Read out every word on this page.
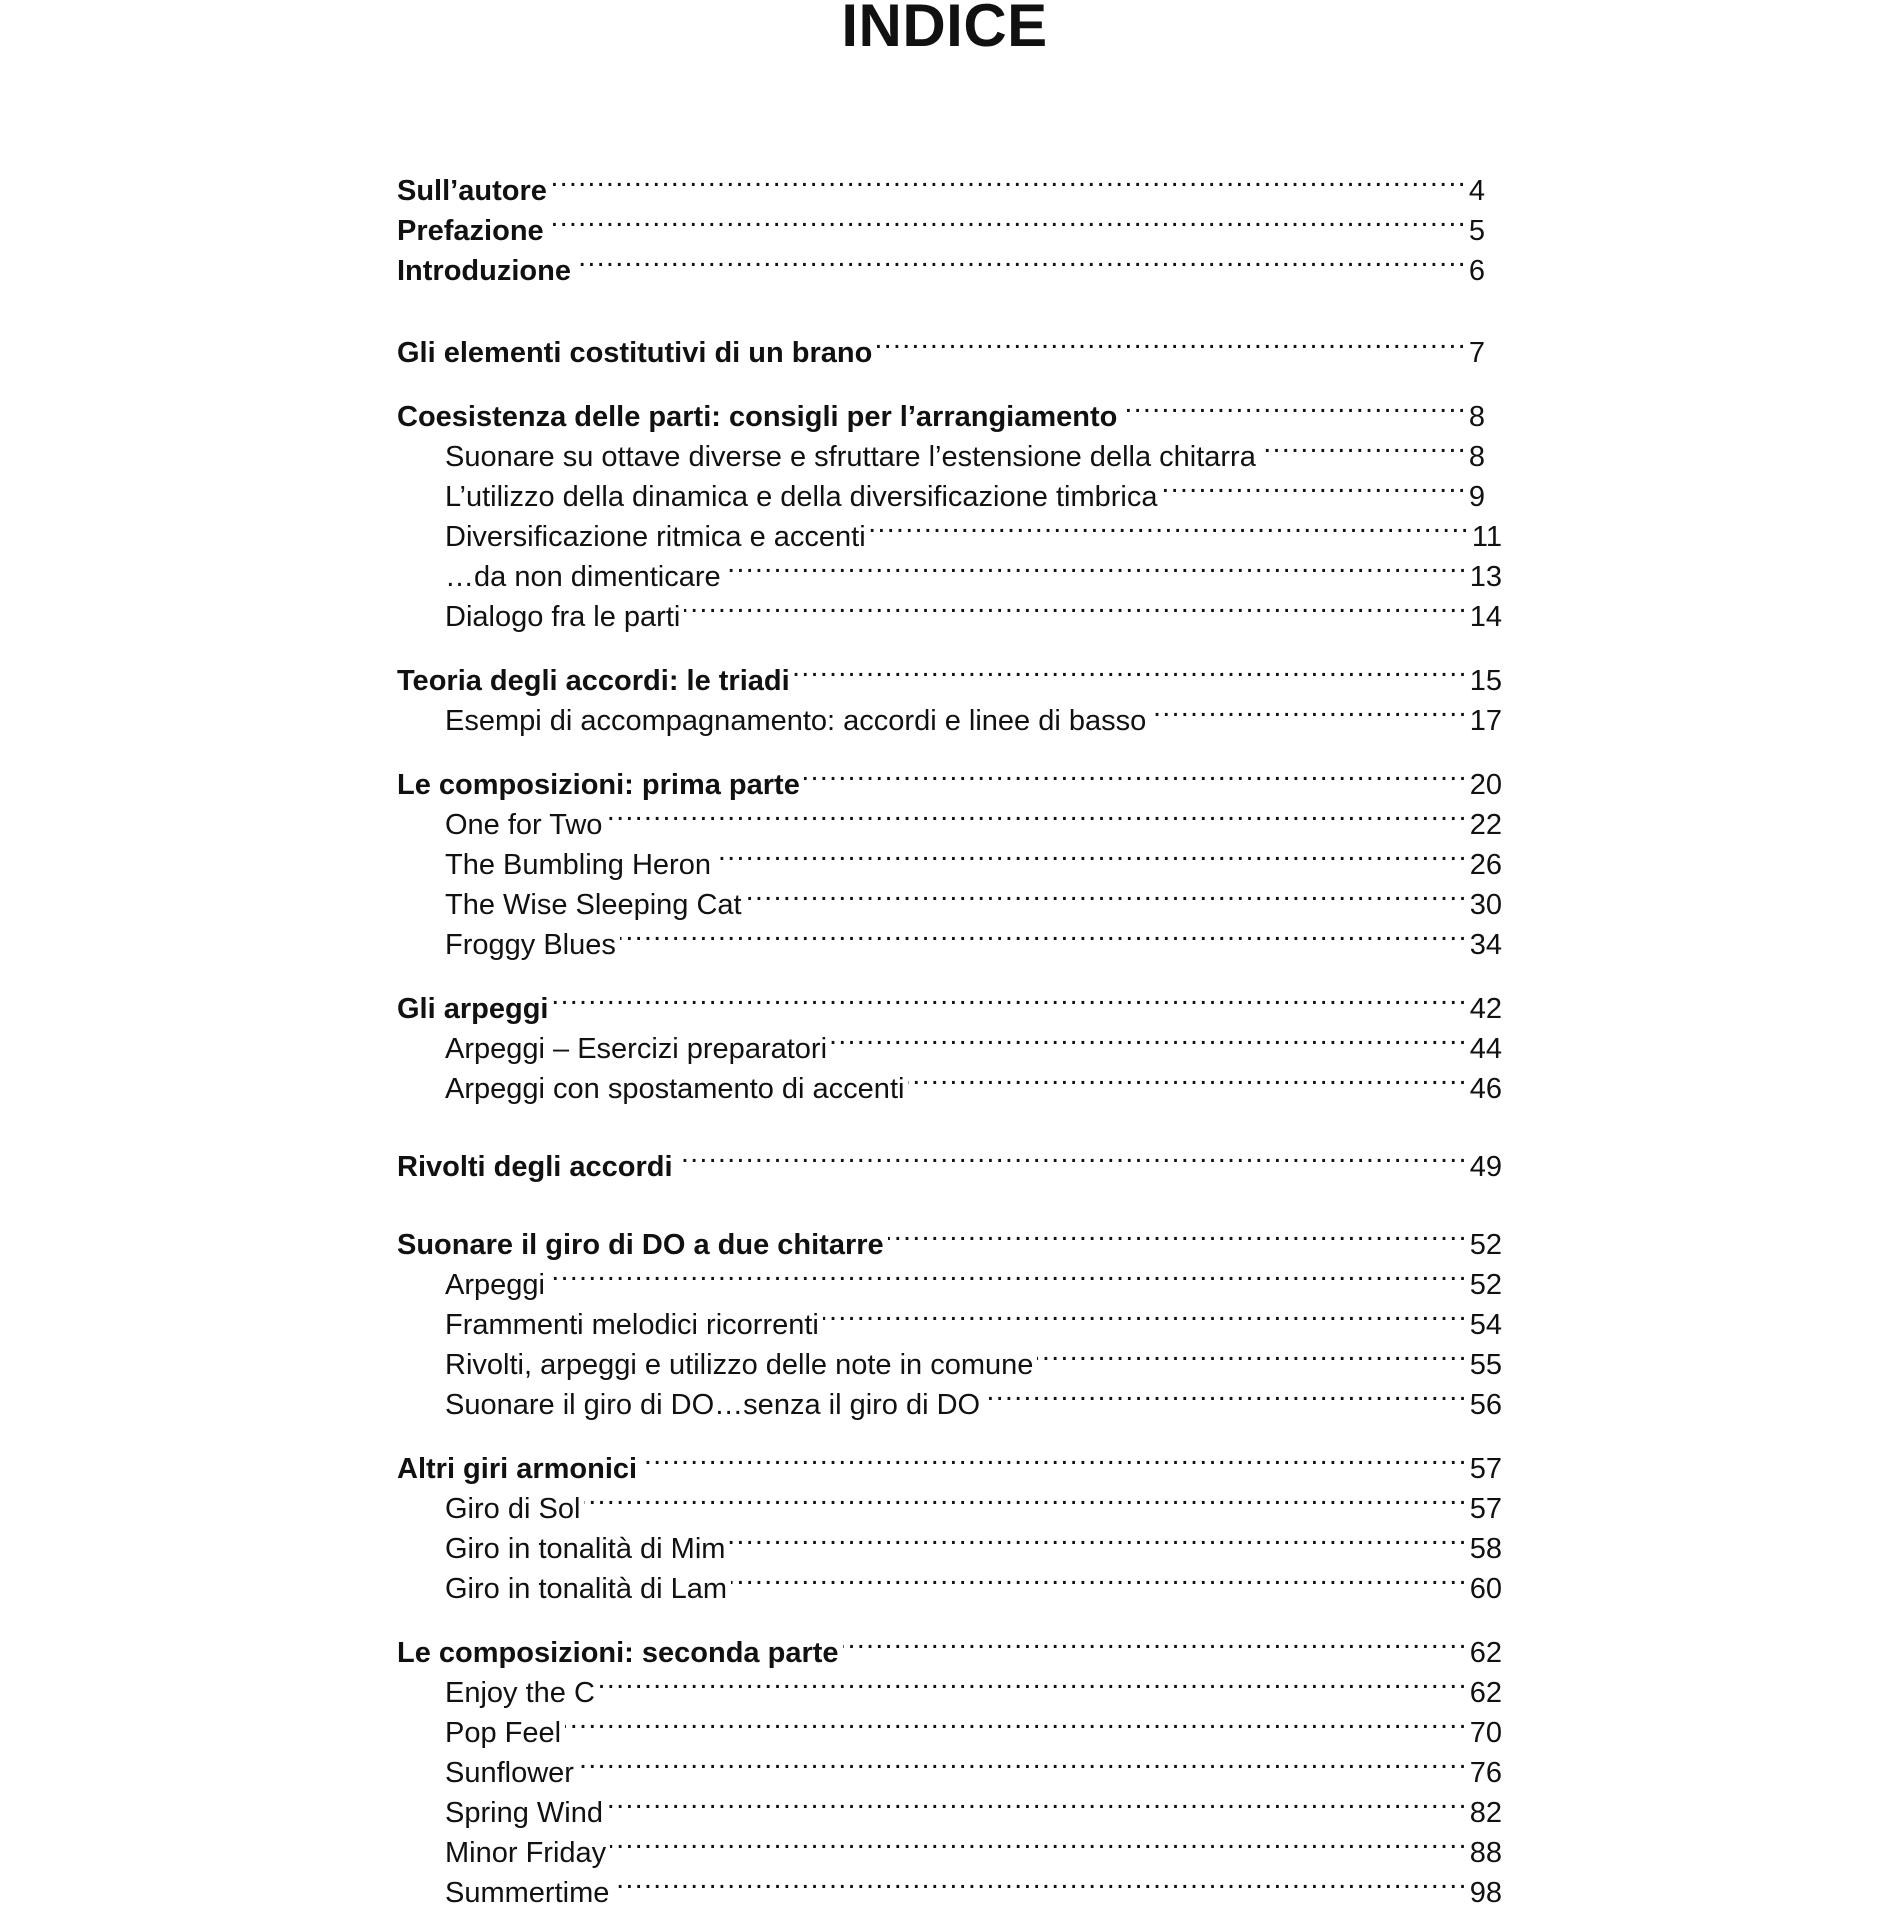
INDICE
Sull’autore .....	4
Prefazione .....	5
Introduzione .....	6
Gli elementi costitutivi di un brano .....	7
Coesistenza delle parti: consigli per l’arrangiamento .....	8
Suonare su ottave diverse e sfruttare l’estensione della chitarra .....	8
L’utilizzo della dinamica e della diversificazione timbrica .....	9
Diversificazione ritmica e accenti .....	11
…da non dimenticare .....	13
Dialogo fra le parti .....	14
Teoria degli accordi: le triadi .....	15
Esempi di accompagnamento: accordi e linee di basso .....	17
Le composizioni: prima parte .....	20
One for Two .....	22
The Bumbling Heron .....	26
The Wise Sleeping Cat .....	30
Froggy Blues .....	34
Gli arpeggi .....	42
Arpeggi – Esercizi preparatori .....	44
Arpeggi con spostamento di accenti .....	46
Rivolti degli accordi .....	49
Suonare il giro di DO a due chitarre .....	52
Arpeggi .....	52
Frammenti melodici ricorrenti .....	54
Rivolti, arpeggi e utilizzo delle note in comune .....	55
Suonare il giro di DO…senza il giro di DO .....	56
Altri giri armonici .....	57
Giro di Sol .....	57
Giro in tonalità di Mim .....	58
Giro in tonalità di Lam .....	60
Le composizioni: seconda parte .....	62
Enjoy the C .....	62
Pop Feel .....	70
Sunflower .....	76
Spring Wind .....	82
Minor Friday .....	88
Summertime .....	98
